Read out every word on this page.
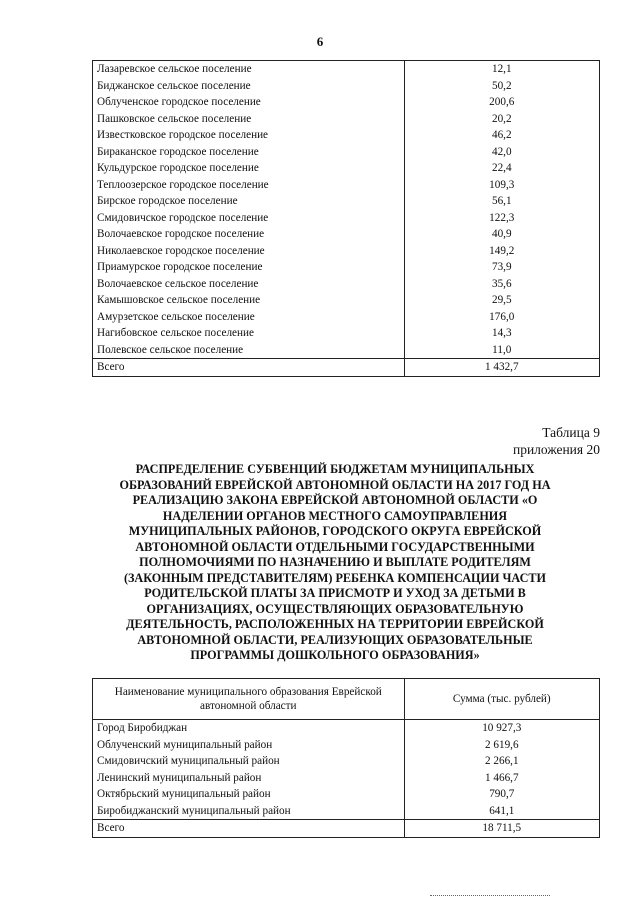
6
Лазаревское сельское поселение	12,1
Биджанское сельское поселение	50,2
Облученское городское поселение	200,6
Пашковское сельское поселение	20,2
Известковское городское поселение	46,2
Бираканское городское поселение	42,0
Кульдурское городское поселение	22,4
Теплоозерское городское поселение	109,3
Бирское городское поселение	56,1
Смидовичское городское поселение	122,3
Волочаевское городское поселение	40,9
Николаевское городское поселение	149,2
Приамурское городское поселение	73,9
Волочаевское сельское поселение	35,6
Камышовское сельское поселение	29,5
Амурзетское сельское поселение	176,0
Нагибовское сельское поселение	14,3
Полевское сельское поселение	11,0
Всего	1 432,7
Таблица 9
приложения 20
РАСПРЕДЕЛЕНИЕ СУБВЕНЦИЙ БЮДЖЕТАМ МУНИЦИПАЛЬНЫХ ОБРАЗОВАНИЙ ЕВРЕЙСКОЙ АВТОНОМНОЙ ОБЛАСТИ НА 2017 ГОД НА РЕАЛИЗАЦИЮ ЗАКОНА ЕВРЕЙСКОЙ АВТОНОМНОЙ ОБЛАСТИ «О НАДЕЛЕНИИ ОРГАНОВ МЕСТНОГО САМОУПРАВЛЕНИЯ МУНИЦИПАЛЬНЫХ РАЙОНОВ, ГОРОДСКОГО ОКРУГА ЕВРЕЙСКОЙ АВТОНОМНОЙ ОБЛАСТИ ОТДЕЛЬНЫМИ ГОСУДАРСТВЕННЫМИ ПОЛНОМОЧИЯМИ ПО НАЗНАЧЕНИЮ И ВЫПЛАТЕ РОДИТЕЛЯМ (ЗАКОННЫМ ПРЕДСТАВИТЕЛЯМ) РЕБЕНКА КОМПЕНСАЦИИ ЧАСТИ РОДИТЕЛЬСКОЙ ПЛАТЫ ЗА ПРИСМОТР И УХОД ЗА ДЕТЬМИ В ОРГАНИЗАЦИЯХ, ОСУЩЕСТВЛЯЮЩИХ ОБРАЗОВАТЕЛЬНУЮ ДЕЯТЕЛЬНОСТЬ, РАСПОЛОЖЕННЫХ НА ТЕРРИТОРИИ ЕВРЕЙСКОЙ АВТОНОМНОЙ ОБЛАСТИ, РЕАЛИЗУЮЩИХ ОБРАЗОВАТЕЛЬНЫЕ ПРОГРАММЫ ДОШКОЛЬНОГО ОБРАЗОВАНИЯ»
Наименование муниципального образования Еврейской автономной области	Сумма (тыс. рублей)
Город Биробиджан	10 927,3
Облученский муниципальный район	2 619,6
Смидовичский муниципальный район	2 266,1
Ленинский муниципальный район	1 466,7
Октябрьский муниципальный район	790,7
Биробиджанский муниципальный район	641,1
Всего	18 711,5
